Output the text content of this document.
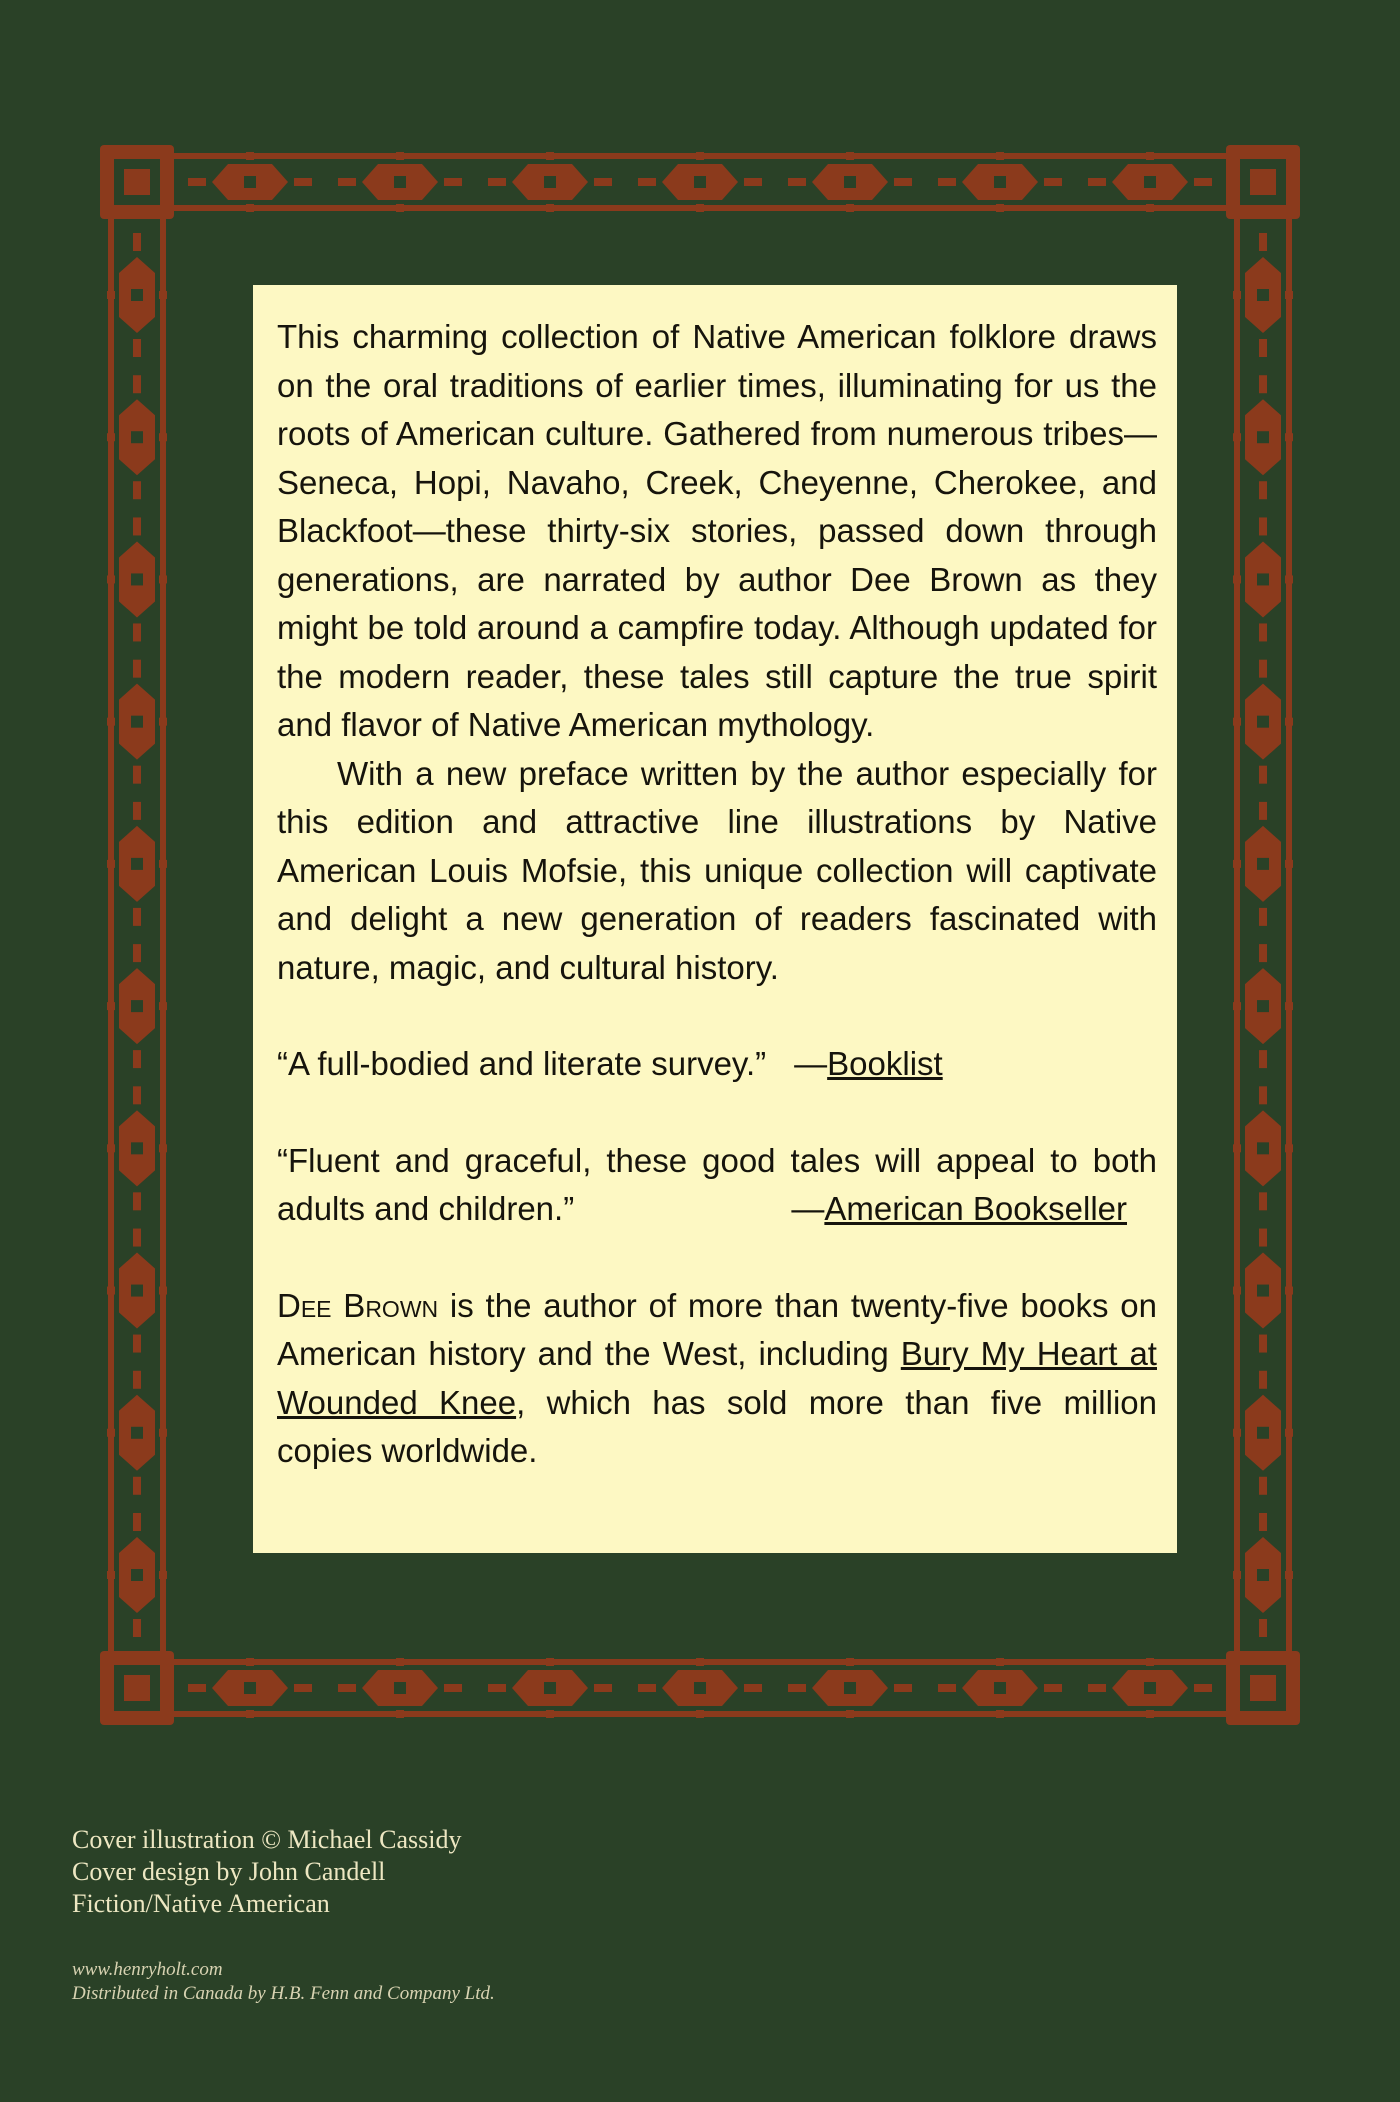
This charming collection of Native American folklore draws on the oral traditions of earlier times, illuminating for us the roots of American culture. Gathered from numerous tribes—Seneca, Hopi, Navaho, Creek, Cheyenne, Cherokee, and Blackfoot—these thirty-six stories, passed down through generations, are narrated by author Dee Brown as they might be told around a campfire today. Although updated for the modern reader, these tales still capture the true spirit and flavor of Native American mythology.

With a new preface written by the author especially for this edition and attractive line illustrations by Native American Louis Mofsie, this unique collection will captivate and delight a new generation of readers fascinated with nature, magic, and cultural history.

“A full-bodied and literate survey.” —Booklist

“Fluent and graceful, these good tales will appeal to both

adults and children.”	—American Bookseller

Dee Brown is the author of more than twenty-five books on American history and the West, including Bury My Heart at Wounded Knee, which has sold more than five million copies worldwide.

Cover illustration © Michael Cassidy
Cover design by John Candell
Fiction/Native American
www.henryholt.com
Distributed in Canada by H.B. Fenn and Company Ltd.
